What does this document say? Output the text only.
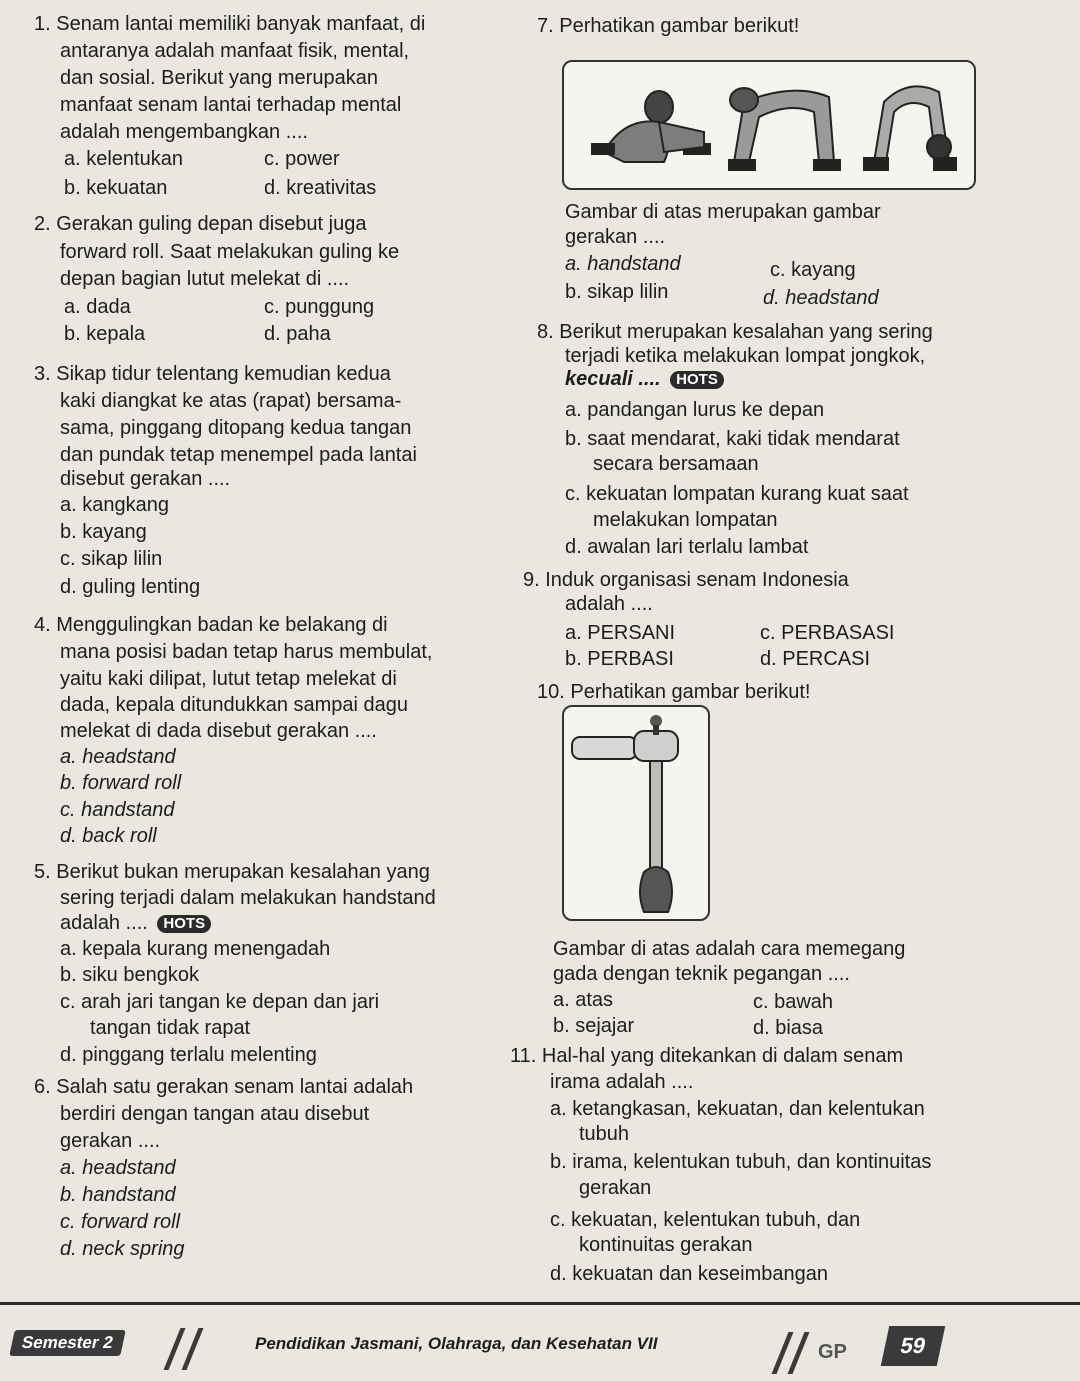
1. Senam lantai memiliki banyak manfaat, di
antaranya adalah manfaat fisik, mental,
dan sosial. Berikut yang merupakan
manfaat senam lantai terhadap mental
adalah mengembangkan ....
a. kelentukan	c. power
b. kekuatan	d. kreativitas
2. Gerakan guling depan disebut juga
forward roll. Saat melakukan guling ke
depan bagian lutut melekat di ....
a. dada	c. punggung
b. kepala	d. paha
3. Sikap tidur telentang kemudian kedua
kaki diangkat ke atas (rapat) bersama-
sama, pinggang ditopang kedua tangan
dan pundak tetap menempel pada lantai
disebut gerakan ....
a. kangkang
b. kayang
c. sikap lilin
d. guling lenting
4. Menggulingkan badan ke belakang di
mana posisi badan tetap harus membulat,
yaitu kaki dilipat, lutut tetap melekat di
dada, kepala ditundukkan sampai dagu
melekat di dada disebut gerakan ....
a. headstand
b. forward roll
c. handstand
d. back roll
5. Berikut bukan merupakan kesalahan yang
sering terjadi dalam melakukan handstand
adalah .... HOTS
a. kepala kurang menengadah
b. siku bengkok
c. arah jari tangan ke depan dan jari
tangan tidak rapat
d. pinggang terlalu melenting
6. Salah satu gerakan senam lantai adalah
berdiri dengan tangan atau disebut
gerakan ....
a. headstand
b. handstand
c. forward roll
d. neck spring
7. Perhatikan gambar berikut!
Gambar di atas merupakan gambar
gerakan ....
a. handstand	c. kayang
b. sikap lilin	d. headstand
8. Berikut merupakan kesalahan yang sering
terjadi ketika melakukan lompat jongkok,
kecuali .... HOTS
a. pandangan lurus ke depan
b. saat mendarat, kaki tidak mendarat
secara bersamaan
c. kekuatan lompatan kurang kuat saat
melakukan lompatan
d. awalan lari terlalu lambat
9. Induk organisasi senam Indonesia
adalah ....
a. PERSANI	c. PERBASASI
b. PERBASI	d. PERCASI
10. Perhatikan gambar berikut!
Gambar di atas adalah cara memegang
gada dengan teknik pegangan ....
a. atas	c. bawah
b. sejajar	d. biasa
11. Hal-hal yang ditekankan di dalam senam
irama adalah ....
a. ketangkasan, kekuatan, dan kelentukan
tubuh
b. irama, kelentukan tubuh, dan kontinuitas
gerakan
c. kekuatan, kelentukan tubuh, dan
kontinuitas gerakan
d. kekuatan dan keseimbangan
Semester 2	Pendidikan Jasmani, Olahraga, dan Kesehatan VII	GP	59
